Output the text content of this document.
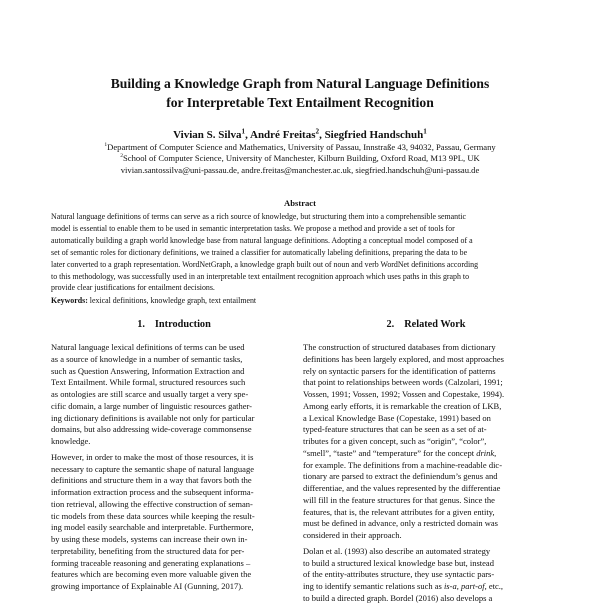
Building a Knowledge Graph from Natural Language Definitions
for Interpretable Text Entailment Recognition
Vivian S. Silva$^1$, André Freitas$^2$, Siegfried Handschuh$^1$
$^1$Department of Computer Science and Mathematics, University of Passau, Innstraße 43, 94032, Passau, Germany
$^2$School of Computer Science, University of Manchester, Kilburn Building, Oxford Road, M13 9PL, UK
vivian.santossilva@uni-passau.de, andre.freitas@manchester.ac.uk, siegfried.handschuh@uni-passau.de
Abstract
Natural language definitions of terms can serve as a rich source of knowledge, but structuring them into a comprehensible semantic
model is essential to enable them to be used in semantic interpretation tasks. We propose a method and provide a set of tools for
automatically building a graph world knowledge base from natural language definitions. Adopting a conceptual model composed of a
set of semantic roles for dictionary definitions, we trained a classifier for automatically labeling definitions, preparing the data to be
later converted to a graph representation. WordNetGraph, a knowledge graph built out of noun and verb WordNet definitions according
to this methodology, was successfully used in an interpretable text entailment recognition approach which uses paths in this graph to
provide clear justifications for entailment decisions.
Keywords: lexical definitions, knowledge graph, text entailment
1. Introduction
Natural language lexical definitions of terms can be used
as a source of knowledge in a number of semantic tasks,
such as Question Answering, Information Extraction and
Text Entailment. While formal, structured resources such
as ontologies are still scarce and usually target a very spe-
cific domain, a large number of linguistic resources gather-
ing dictionary definitions is available not only for particular
domains, but also addressing wide-coverage commonsense
knowledge.
However, in order to make the most of those resources, it is
necessary to capture the semantic shape of natural language
definitions and structure them in a way that favors both the
information extraction process and the subsequent informa-
tion retrieval, allowing the effective construction of seman-
tic models from these data sources while keeping the result-
ing model easily searchable and interpretable. Furthermore,
by using these models, systems can increase their own in-
terpretability, benefiting from the structured data for per-
forming traceable reasoning and generating explanations –
features which are becoming even more valuable given the
growing importance of Explainable AI (Gunning, 2017).
2. Related Work
The construction of structured databases from dictionary
definitions has been largely explored, and most approaches
rely on syntactic parsers for the identification of patterns
that point to relationships between words (Calzolari, 1991;
Vossen, 1991; Vossen, 1992; Vossen and Copestake, 1994).
Among early efforts, it is remarkable the creation of LKB,
a Lexical Knowledge Base (Copestake, 1991) based on
typed-feature structures that can be seen as a set of at-
tributes for a given concept, such as “origin”, “color”,
“smell”, “taste” and “temperature” for the concept drink,
for example. The definitions from a machine-readable dic-
tionary are parsed to extract the definiendum’s genus and
differentiae, and the values represented by the differentiae
will fill in the feature structures for that genus. Since the
features, that is, the relevant attributes for a given entity,
must be defined in advance, only a restricted domain was
considered in their approach.
Dolan et al. (1993) also describe an automated strategy
to build a structured lexical knowledge base but, instead
of the entity-attributes structure, they use syntactic pars-
ing to identify semantic relations such as is-a, part-of, etc.,
to build a directed graph. Bordel (2016) also develops a
